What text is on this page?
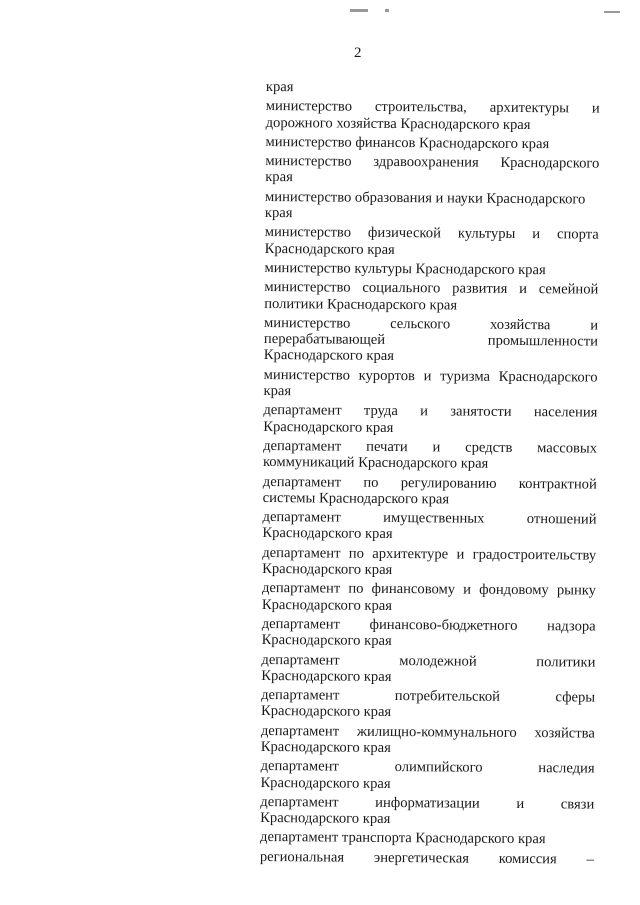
2
края
министерство строительства, архитектуры и
дорожного хозяйства Краснодарского края
министерство финансов Краснодарского края
министерство здравоохранения Краснодарского
края
министерство образования и науки Краснодарского
края
министерство физической культуры и спорта
Краснодарского края
министерство культуры Краснодарского края
министерство социального развития и семейной
политики Краснодарского края
министерство	сельского	хозяйства	и
перерабатывающей	промышленности
Краснодарского края
министерство курортов и туризма Краснодарского
края
департамент труда и занятости населения
Краснодарского края
департамент печати и средств массовых
коммуникаций Краснодарского края
департамент по регулированию контрактной
системы Краснодарского края
департамент	имущественных	отношений
Краснодарского края
департамент по архитектуре и градостроительству
Краснодарского края
департамент по финансовому и фондовому рынку
Краснодарского края
департамент финансово-бюджетного надзора
Краснодарского края
департамент	молодежной	политики
Краснодарского края
департамент	потребительской	сферы
Краснодарского края
департамент жилищно-коммунального хозяйства
Краснодарского края
департамент	олимпийского	наследия
Краснодарского края
департамент	информатизации	и	связи
Краснодарского края
департамент транспорта Краснодарского края
региональная энергетическая комиссия –
